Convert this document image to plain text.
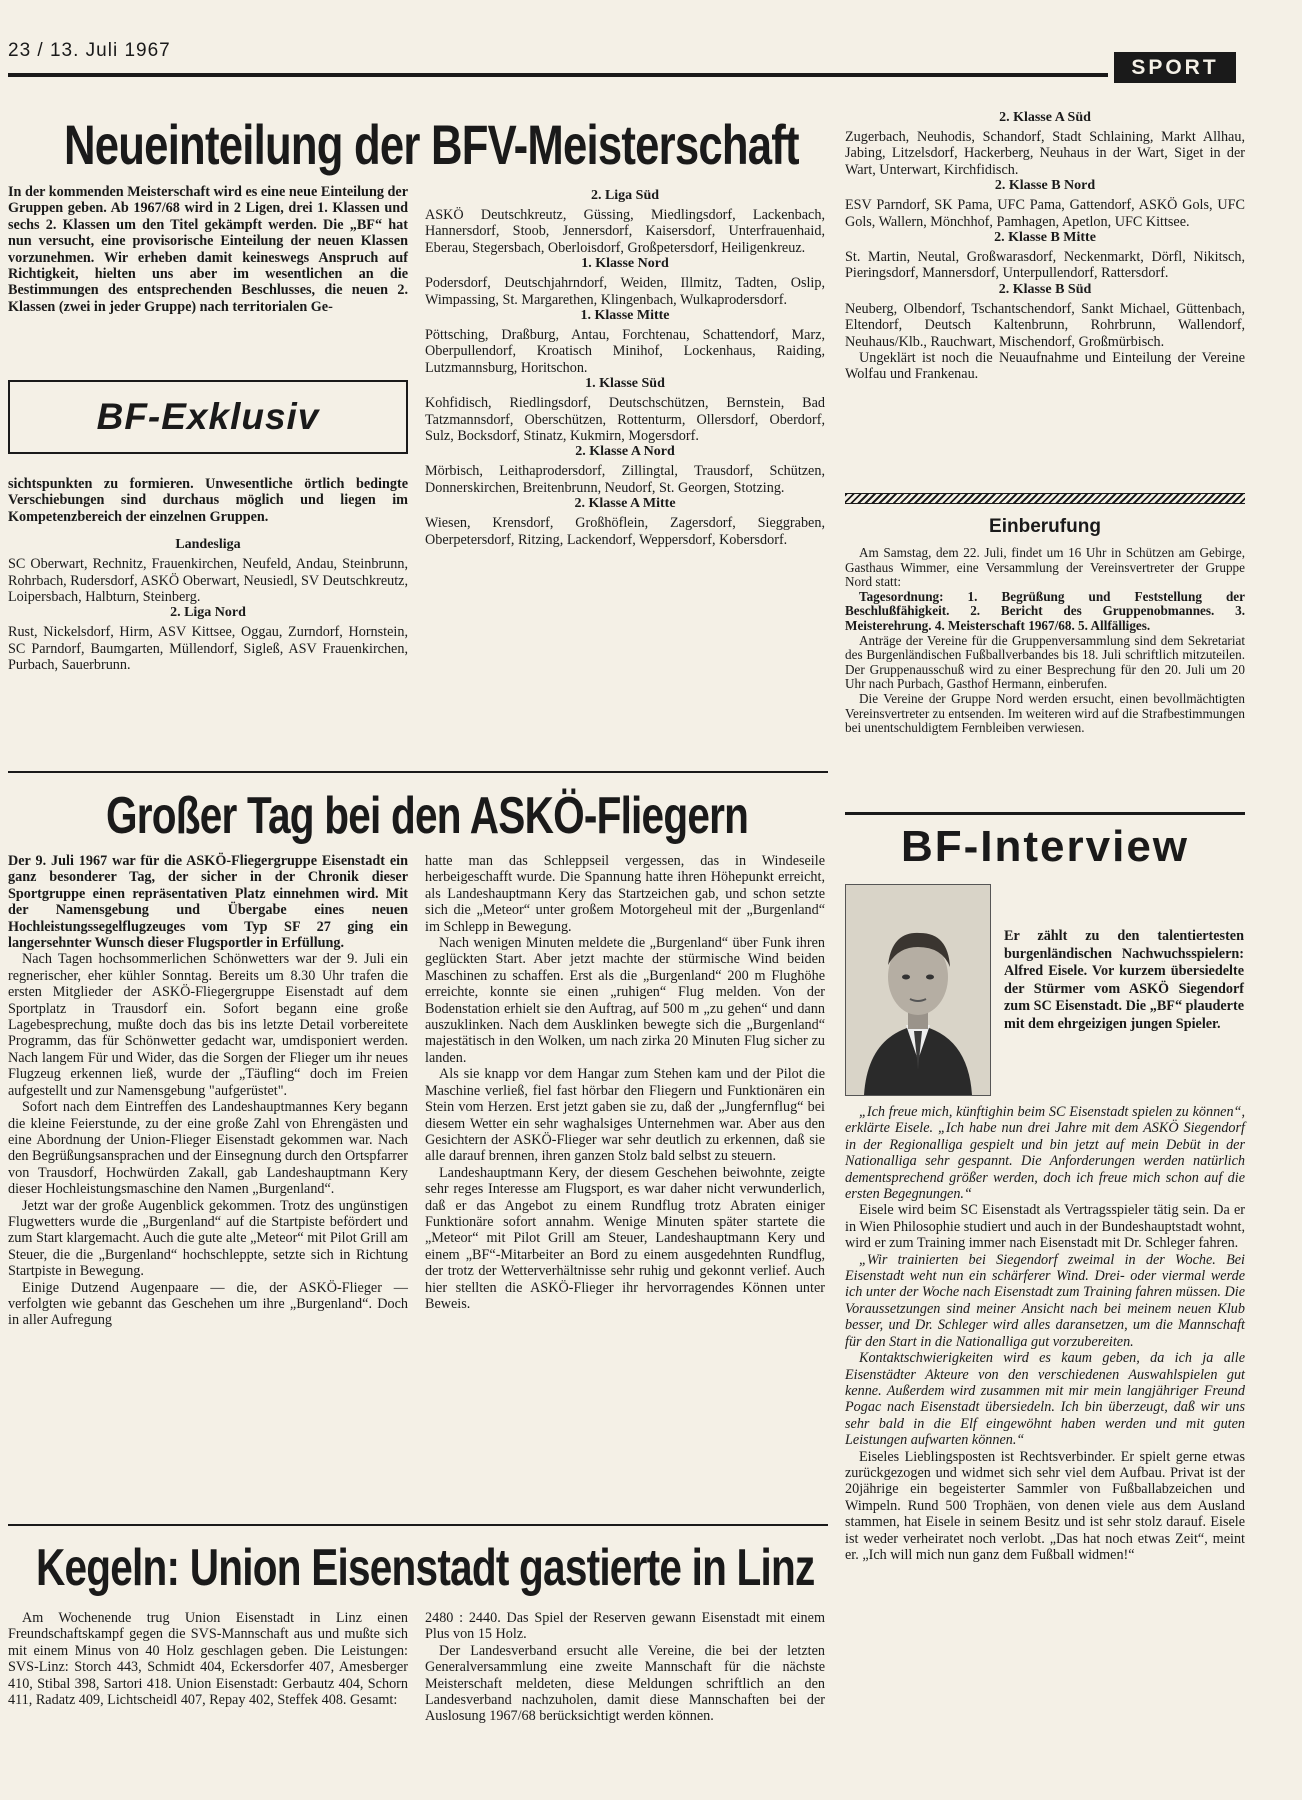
23 / 13. Juli 1967
SPORT
Neueinteilung der BFV-Meisterschaft

In der kommenden Meisterschaft wird es eine neue Einteilung der Gruppen geben. Ab 1967/68 wird in 2 Ligen, drei 1. Klassen und sechs 2. Klassen um den Titel gekämpft werden. Die „BF“ hat nun versucht, eine provisorische Einteilung der neuen Klassen vorzunehmen. Wir erheben damit keineswegs Anspruch auf Richtigkeit, hielten uns aber im wesentlichen an die Bestimmungen des entsprechenden Beschlusses, die neuen 2. Klassen (zwei in jeder Gruppe) nach territorialen Ge-

BF-Exklusiv

sichtspunkten zu formieren. Unwesentliche örtlich bedingte Verschiebungen sind durchaus möglich und liegen im Kompetenzbereich der einzelnen Gruppen.

Landesliga

SC Oberwart, Rechnitz, Frauenkirchen, Neufeld, Andau, Steinbrunn, Rohrbach, Rudersdorf, ASKÖ Oberwart, Neusiedl, SV Deutschkreutz, Loipersbach, Halbturn, Steinberg.

2. Liga Nord

Rust, Nickelsdorf, Hirm, ASV Kittsee, Oggau, Zurndorf, Hornstein, SC Parndorf, Baumgarten, Müllendorf, Sigleß, ASV Frauenkirchen, Purbach, Sauerbrunn.

2. Liga Süd

ASKÖ Deutschkreutz, Güssing, Miedlingsdorf, Lackenbach, Hannersdorf, Stoob, Jennersdorf, Kaisersdorf, Unterfrauenhaid, Eberau, Stegersbach, Oberloisdorf, Großpetersdorf, Heiligenkreuz.

1. Klasse Nord

Podersdorf, Deutschjahrndorf, Weiden, Illmitz, Tadten, Oslip, Wimpassing, St. Margarethen, Klingenbach, Wulkaprodersdorf.

1. Klasse Mitte

Pöttsching, Draßburg, Antau, Forchtenau, Schattendorf, Marz, Oberpullendorf, Kroatisch Minihof, Lockenhaus, Raiding, Lutzmannsburg, Horitschon.

1. Klasse Süd

Kohfidisch, Riedlingsdorf, Deutschschützen, Bernstein, Bad Tatzmannsdorf, Oberschützen, Rottenturm, Ollersdorf, Oberdorf, Sulz, Bocksdorf, Stinatz, Kukmirn, Mogersdorf.

2. Klasse A Nord

Mörbisch, Leithaprodersdorf, Zillingtal, Trausdorf, Schützen, Donnerskirchen, Breitenbrunn, Neudorf, St. Georgen, Stotzing.

2. Klasse A Mitte

Wiesen, Krensdorf, Großhöflein, Zagersdorf, Sieggraben, Oberpetersdorf, Ritzing, Lackendorf, Weppersdorf, Kobersdorf.

2. Klasse A Süd

Zugerbach, Neuhodis, Schandorf, Stadt Schlaining, Markt Allhau, Jabing, Litzelsdorf, Hackerberg, Neuhaus in der Wart, Siget in der Wart, Unterwart, Kirchfidisch.

2. Klasse B Nord

ESV Parndorf, SK Pama, UFC Pama, Gattendorf, ASKÖ Gols, UFC Gols, Wallern, Mönchhof, Pamhagen, Apetlon, UFC Kittsee.

2. Klasse B Mitte

St. Martin, Neutal, Großwarasdorf, Neckenmarkt, Dörfl, Nikitsch, Pieringsdorf, Mannersdorf, Unterpullendorf, Rattersdorf.

2. Klasse B Süd

Neuberg, Olbendorf, Tschantschendorf, Sankt Michael, Güttenbach, Eltendorf, Deutsch Kaltenbrunn, Rohrbrunn, Wallendorf, Neuhaus/Klb., Rauchwart, Mischendorf, Großmürbisch.

Ungeklärt ist noch die Neuaufnahme und Einteilung der Vereine Wolfau und Frankenau.

Einberufung

Am Samstag, dem 22. Juli, findet um 16 Uhr in Schützen am Gebirge, Gasthaus Wimmer, eine Versammlung der Vereinsvertreter der Gruppe Nord statt:

Tagesordnung: 1. Begrüßung und Feststellung der Beschlußfähigkeit. 2. Bericht des Gruppenobmannes. 3. Meisterehrung. 4. Meisterschaft 1967/68. 5. Allfälliges.

Anträge der Vereine für die Gruppenversammlung sind dem Sekretariat des Burgenländischen Fußballverbandes bis 18. Juli schriftlich mitzuteilen. Der Gruppenausschuß wird zu einer Besprechung für den 20. Juli um 20 Uhr nach Purbach, Gasthof Hermann, einberufen.

Die Vereine der Gruppe Nord werden ersucht, einen bevollmächtigten Vereinsvertreter zu entsenden. Im weiteren wird auf die Strafbestimmungen bei unentschuldigtem Fernbleiben verwiesen.

Großer Tag bei den ASKÖ-Fliegern

Der 9. Juli 1967 war für die ASKÖ-Fliegergruppe Eisenstadt ein ganz besonderer Tag, der sicher in der Chronik dieser Sportgruppe einen repräsentativen Platz einnehmen wird. Mit der Namensgebung und Übergabe eines neuen Hochleistungssegelflugzeuges vom Typ SF 27 ging ein langersehnter Wunsch dieser Flugsportler in Erfüllung.

Nach Tagen hochsommerlichen Schönwetters war der 9. Juli ein regnerischer, eher kühler Sonntag. Bereits um 8.30 Uhr trafen die ersten Mitglieder der ASKÖ-Fliegergruppe Eisenstadt auf dem Sportplatz in Trausdorf ein. Sofort begann eine große Lagebesprechung, mußte doch das bis ins letzte Detail vorbereitete Programm, das für Schönwetter gedacht war, umdisponiert werden. Nach langem Für und Wider, das die Sorgen der Flieger um ihr neues Flugzeug erkennen ließ, wurde der „Täufling“ doch im Freien aufgestellt und zur Namensgebung "aufgerüstet".

Sofort nach dem Eintreffen des Landeshauptmannes Kery begann die kleine Feierstunde, zu der eine große Zahl von Ehrengästen und eine Abordnung der Union-Flieger Eisenstadt gekommen war. Nach den Begrüßungsansprachen und der Einsegnung durch den Ortspfarrer von Trausdorf, Hochwürden Zakall, gab Landeshauptmann Kery dieser Hochleistungsmaschine den Namen „Burgenland“.

Jetzt war der große Augenblick gekommen. Trotz des ungünstigen Flugwetters wurde die „Burgenland“ auf die Startpiste befördert und zum Start klargemacht. Auch die gute alte „Meteor“ mit Pilot Grill am Steuer, die die „Burgenland“ hochschleppte, setzte sich in Richtung Startpiste in Bewegung.

Einige Dutzend Augenpaare — die, der ASKÖ-Flieger — verfolgten wie gebannt das Geschehen um ihre „Burgenland“. Doch in aller Aufregung

hatte man das Schleppseil vergessen, das in Windeseile herbeigeschafft wurde. Die Spannung hatte ihren Höhepunkt erreicht, als Landeshauptmann Kery das Startzeichen gab, und schon setzte sich die „Meteor“ unter großem Motorgeheul mit der „Burgenland“ im Schlepp in Bewegung.

Nach wenigen Minuten meldete die „Burgenland“ über Funk ihren geglückten Start. Aber jetzt machte der stürmische Wind beiden Maschinen zu schaffen. Erst als die „Burgenland“ 200 m Flughöhe erreichte, konnte sie einen „ruhigen“ Flug melden. Von der Bodenstation erhielt sie den Auftrag, auf 500 m „zu gehen“ und dann auszuklinken. Nach dem Ausklinken bewegte sich die „Burgenland“ majestätisch in den Wolken, um nach zirka 20 Minuten Flug sicher zu landen.

Als sie knapp vor dem Hangar zum Stehen kam und der Pilot die Maschine verließ, fiel fast hörbar den Fliegern und Funktionären ein Stein vom Herzen. Erst jetzt gaben sie zu, daß der „Jungfernflug“ bei diesem Wetter ein sehr waghalsiges Unternehmen war. Aber aus den Gesichtern der ASKÖ-Flieger war sehr deutlich zu erkennen, daß sie alle darauf brennen, ihren ganzen Stolz bald selbst zu steuern.

Landeshauptmann Kery, der diesem Geschehen beiwohnte, zeigte sehr reges Interesse am Flugsport, es war daher nicht verwunderlich, daß er das Angebot zu einem Rundflug trotz Abraten einiger Funktionäre sofort annahm. Wenige Minuten später startete die „Meteor“ mit Pilot Grill am Steuer, Landeshauptmann Kery und einem „BF“-Mitarbeiter an Bord zu einem ausgedehnten Rundflug, der trotz der Wetterverhältnisse sehr ruhig und gekonnt verlief. Auch hier stellten die ASKÖ-Flieger ihr hervorragendes Können unter Beweis.

Kegeln: Union Eisenstadt gastierte in Linz

Am Wochenende trug Union Eisenstadt in Linz einen Freundschaftskampf gegen die SVS-Mannschaft aus und mußte sich mit einem Minus von 40 Holz geschlagen geben. Die Leistungen: SVS-Linz: Storch 443, Schmidt 404, Eckersdorfer 407, Amesberger 410, Stibal 398, Sartori 418. Union Eisenstadt: Gerbautz 404, Schorn 411, Radatz 409, Lichtscheidl 407, Repay 402, Steffek 408. Gesamt:

2480 : 2440. Das Spiel der Reserven gewann Eisenstadt mit einem Plus von 15 Holz.

Der Landesverband ersucht alle Vereine, die bei der letzten Generalversammlung eine zweite Mannschaft für die nächste Meisterschaft meldeten, diese Meldungen schriftlich an den Landesverband nachzuholen, damit diese Mannschaften bei der Auslosung 1967/68 berücksichtigt werden können.

BF-Interview

Er zählt zu den talentiertesten burgenländischen Nachwuchsspielern: Alfred Eisele. Vor kurzem übersiedelte der Stürmer vom ASKÖ Siegendorf zum SC Eisenstadt. Die „BF“ plauderte mit dem ehrgeizigen jungen Spieler.

„Ich freue mich, künftighin beim SC Eisenstadt spielen zu können“, erklärte Eisele. „Ich habe nun drei Jahre mit dem ASKÖ Siegendorf in der Regionalliga gespielt und bin jetzt auf mein Debüt in der Nationalliga sehr gespannt. Die Anforderungen werden natürlich dementsprechend größer werden, doch ich freue mich schon auf die ersten Begegnungen.“

Eisele wird beim SC Eisenstadt als Vertragsspieler tätig sein. Da er in Wien Philosophie studiert und auch in der Bundeshauptstadt wohnt, wird er zum Training immer nach Eisenstadt mit Dr. Schleger fahren.

„Wir trainierten bei Siegendorf zweimal in der Woche. Bei Eisenstadt weht nun ein schärferer Wind. Drei- oder viermal werde ich unter der Woche nach Eisenstadt zum Training fahren müssen. Die Voraussetzungen sind meiner Ansicht nach bei meinem neuen Klub besser, und Dr. Schleger wird alles daransetzen, um die Mannschaft für den Start in die Nationalliga gut vorzubereiten.

Kontaktschwierigkeiten wird es kaum geben, da ich ja alle Eisenstädter Akteure von den verschiedenen Auswahlspielen gut kenne. Außerdem wird zusammen mit mir mein langjähriger Freund Pogac nach Eisenstadt übersiedeln. Ich bin überzeugt, daß wir uns sehr bald in die Elf eingewöhnt haben werden und mit guten Leistungen aufwarten können.“

Eiseles Lieblingsposten ist Rechtsverbinder. Er spielt gerne etwas zurückgezogen und widmet sich sehr viel dem Aufbau. Privat ist der 20jährige ein begeisterter Sammler von Fußballabzeichen und Wimpeln. Rund 500 Trophäen, von denen viele aus dem Ausland stammen, hat Eisele in seinem Besitz und ist sehr stolz darauf. Eisele ist weder verheiratet noch verlobt. „Das hat noch etwas Zeit“, meint er. „Ich will mich nun ganz dem Fußball widmen!“
